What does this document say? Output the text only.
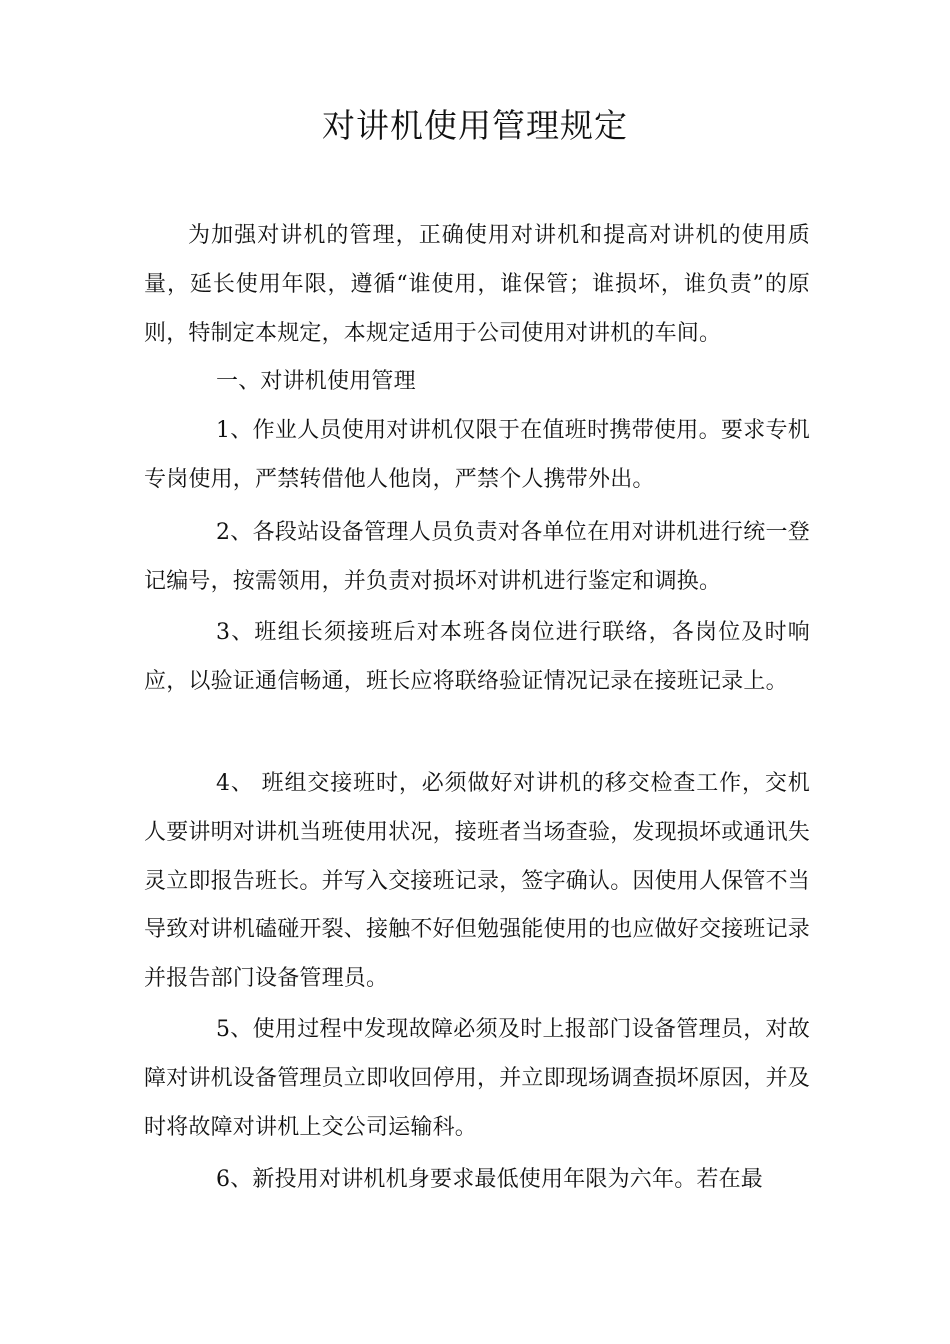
对讲机使用管理规定

为加强对讲机的管理，正确使用对讲机和提高对讲机的使用质量，延长使用年限，遵循“谁使用，谁保管；谁损坏，谁负责”的原则，特制定本规定，本规定适用于公司使用对讲机的车间。

一、对讲机使用管理

1、作业人员使用对讲机仅限于在值班时携带使用。要求专机专岗使用，严禁转借他人他岗，严禁个人携带外出。

2、各段站设备管理人员负责对各单位在用对讲机进行统一登记编号，按需领用，并负责对损坏对讲机进行鉴定和调换。

3、班组长须接班后对本班各岗位进行联络，各岗位及时响应，以验证通信畅通，班长应将联络验证情况记录在接班记录上。

4、 班组交接班时，必须做好对讲机的移交检查工作，交机人要讲明对讲机当班使用状况，接班者当场查验，发现损坏或通讯失灵立即报告班长。并写入交接班记录，签字确认。因使用人保管不当导致对讲机磕碰开裂、接触不好但勉强能使用的也应做好交接班记录并报告部门设备管理员。

5、使用过程中发现故障必须及时上报部门设备管理员，对故障对讲机设备管理员立即收回停用，并立即现场调查损坏原因，并及时将故障对讲机上交公司运输科。

6、新投用对讲机机身要求最低使用年限为六年。若在最
